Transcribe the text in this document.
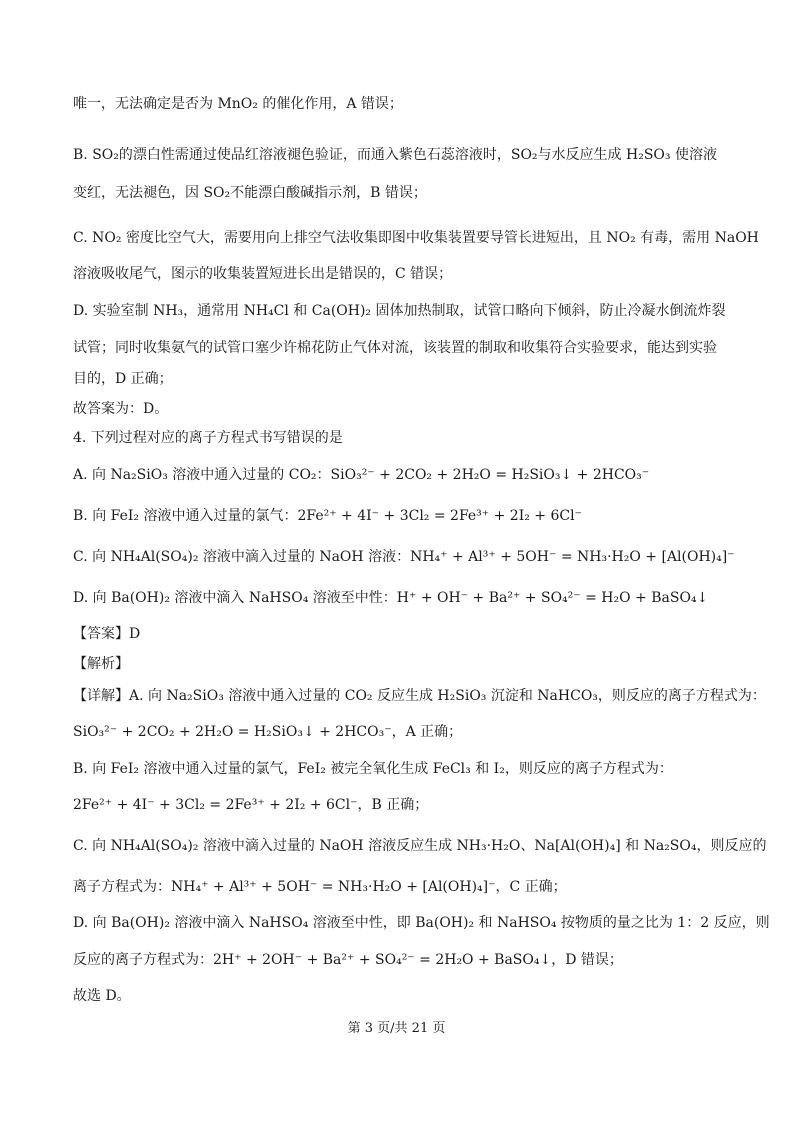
唯一，无法确定是否为 MnO₂ 的催化作用，A 错误；
B. SO₂的漂白性需通过使品红溶液褪色验证，而通入紫色石蕊溶液时，SO₂与水反应生成 H₂SO₃ 使溶液
变红，无法褪色，因 SO₂不能漂白酸碱指示剂，B 错误；
C. NO₂ 密度比空气大，需要用向上排空气法收集即图中收集装置要导管长进短出，且 NO₂ 有毒，需用 NaOH
溶液吸收尾气，图示的收集装置短进长出是错误的，C 错误；
D. 实验室制 NH₃，通常用 NH₄Cl 和 Ca(OH)₂ 固体加热制取，试管口略向下倾斜，防止冷凝水倒流炸裂
试管；同时收集氨气的试管口塞少许棉花防止气体对流，该装置的制取和收集符合实验要求，能达到实验
目的，D 正确；
故答案为：D。
4. 下列过程对应的离子方程式书写错误的是
A. 向 Na₂SiO₃ 溶液中通入过量的 CO₂：SiO₃²⁻ + 2CO₂ + 2H₂O = H₂SiO₃↓ + 2HCO₃⁻
B. 向 FeI₂ 溶液中通入过量的氯气：2Fe²⁺ + 4I⁻ + 3Cl₂ = 2Fe³⁺ + 2I₂ + 6Cl⁻
C. 向 NH₄Al(SO₄)₂ 溶液中滴入过量的 NaOH 溶液：NH₄⁺ + Al³⁺ + 5OH⁻ = NH₃·H₂O + [Al(OH)₄]⁻
D. 向 Ba(OH)₂ 溶液中滴入 NaHSO₄ 溶液至中性：H⁺ + OH⁻ + Ba²⁺ + SO₄²⁻ = H₂O + BaSO₄↓
【答案】D
【解析】
【详解】A. 向 Na₂SiO₃ 溶液中通入过量的 CO₂ 反应生成 H₂SiO₃ 沉淀和 NaHCO₃，则反应的离子方程式为：
SiO₃²⁻ + 2CO₂ + 2H₂O = H₂SiO₃↓ + 2HCO₃⁻，A 正确；
B. 向 FeI₂ 溶液中通入过量的氯气，FeI₂ 被完全氧化生成 FeCl₃ 和 I₂，则反应的离子方程式为：
2Fe²⁺ + 4I⁻ + 3Cl₂ = 2Fe³⁺ + 2I₂ + 6Cl⁻，B 正确；
C. 向 NH₄Al(SO₄)₂ 溶液中滴入过量的 NaOH 溶液反应生成 NH₃·H₂O、Na[Al(OH)₄] 和 Na₂SO₄，则反应的
离子方程式为：NH₄⁺ + Al³⁺ + 5OH⁻ = NH₃·H₂O + [Al(OH)₄]⁻，C 正确；
D. 向 Ba(OH)₂ 溶液中滴入 NaHSO₄ 溶液至中性，即 Ba(OH)₂ 和 NaHSO₄ 按物质的量之比为 1：2 反应，则
反应的离子方程式为：2H⁺ + 2OH⁻ + Ba²⁺ + SO₄²⁻ = 2H₂O + BaSO₄↓，D 错误；
故选 D。
第 3 页/共 21 页
